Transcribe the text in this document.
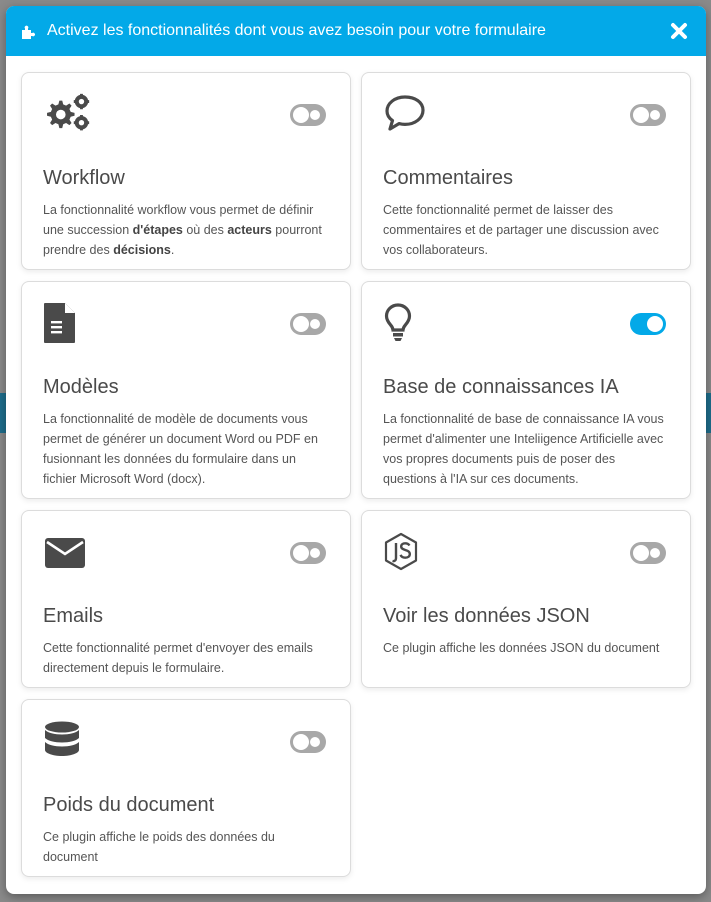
Activez les fonctionnalités dont vous avez besoin pour votre formulaire
Workflow
La fonctionnalité workflow vous permet de définir une succession d'étapes où des acteurs pourront prendre des décisions.
Commentaires
Cette fonctionnalité permet de laisser des commentaires et de partager une discussion avec vos collaborateurs.
Modèles
La fonctionnalité de modèle de documents vous permet de générer un document Word ou PDF en fusionnant les données du formulaire dans un fichier Microsoft Word (docx).
Base de connaissances IA
La fonctionnalité de base de connaissance IA vous permet d'alimenter une Inteliigence Artificielle avec vos propres documents puis de poser des questions à l'IA sur ces documents.
Emails
Cette fonctionnalité permet d'envoyer des emails directement depuis le formulaire.
Voir les données JSON
Ce plugin affiche les données JSON du document
Poids du document
Ce plugin affiche le poids des données du document
